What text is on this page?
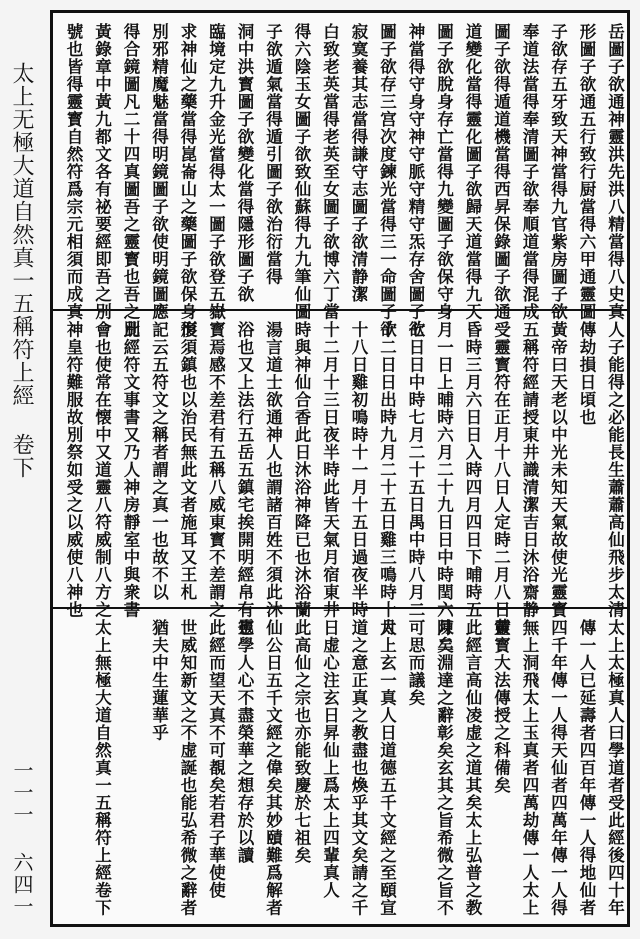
太上无極大道自然真一五稱符上經 卷下
一一一 六四一
岳圖子欲通神靈洪先洪八精當得八史真
形圖子欲通五行致行厨當得六甲通靈圖
子欲存五牙致天神當得九官紫房圖子欲
奉道法當得奉清圖子欲奉順道當得混成
圖子欲得遁道機當得西昇保錄圖子欲通
道變化當得靈化圖子欲歸天道當得九天
圖子欲脫身存亡當得九變圖子欲保守身
神當得守身守神守脈守精守炁存舍圖子欲
圖子欲存三宫次度鍊光當得三一命圖子欲
寂寞養其志當得謙守志圖子欲清静潔
白致老英當得老英至女圖子欲博六丁當
得六陰玉女圖子欲致仙蘇得九九筆仙圖
子欲遁氣當得遁引圖子欲治衍當得
洞中洪寳圖子欲變化當得隱形圖子欲
臨境定九升金光當得太一圖子欲登五嶽
求神仙之藥當得崑崙山之藥圖子欲保身形
別邪精魔魅當得明鏡圖子欲使明鏡圖應
得合鏡圖凡二十四真圖吾之靈寳也吾之別
黃錄章中黃九都文各有祕要經即吾之別
號也皆得靈寳自然符爲宗元相須而成真
人子能得之必能長生蕭蕭高仙飛步太清
傳劫損日頃也
黃帝曰天老以中光未知天氣故使光靈寳
五稱符經請授東井識清潔吉日沐浴齋静
受靈寳符在正月十八日人定時二月八日黃
昏時三月六日日入時四月四日下晡時五
月一日上晡時六月二十九日日中時閏六月二
七日日中時七月二十五日禺中時八月二
十二日日出時九月二十五日雞三鳴時十月
十八日雞初鳴時十一月十五日過夜半時
十二月十三日夜半時此皆天氣月宿東井
時與神仙合香此日沐浴神降已也沐浴蘭
湯言道士欲通神人也謂諸百姓不須此沐
浴也又上法行五岳五鎮宅挨開明經帛有靈
寳焉感不差君有五稱八威東寳不差謂之
復須鎮也以治民無此文者施耳又王札
記云五符文之稱者謂之真一也故不以
此經符文事書又乃人神房靜室中與衆書
會也使常在懐中又道靈八符威制八方之
神皇符難服故別祭如受之以威使八神也
太上太極真人曰學道者受此經後四十年
傳一人已延壽者四百年傳一人得地仙者
四千年傳一人得天仙者四萬年傳一人得
無上洞飛太上玉真者四萬劫傳一人太上
靈寳大法傳授之科備矣
此經言高仙凌虚之道其矣太上弘普之教
陳矣淵達之辭彰矣玄其之旨希微之旨不
可思而議矣
太上玄一真人日道德五千文經之至頤宣
道之意正真之教盡也煥乎其文矣請之千
日虚心注玄日昇仙上爲太上四輩真人
此高仙之宗也亦能致慶於七祖矣
仙公日五千文經之偉矣其妙賾難爲解者
也學人心不盡榮華之想存於以讀
此經而望天真不可覩矣若君子華使使
世威知新文之不虚誕也能弘希微之辭者
猶夫中生蓮華乎
太上無極大道自然真一五稱符上經卷下
